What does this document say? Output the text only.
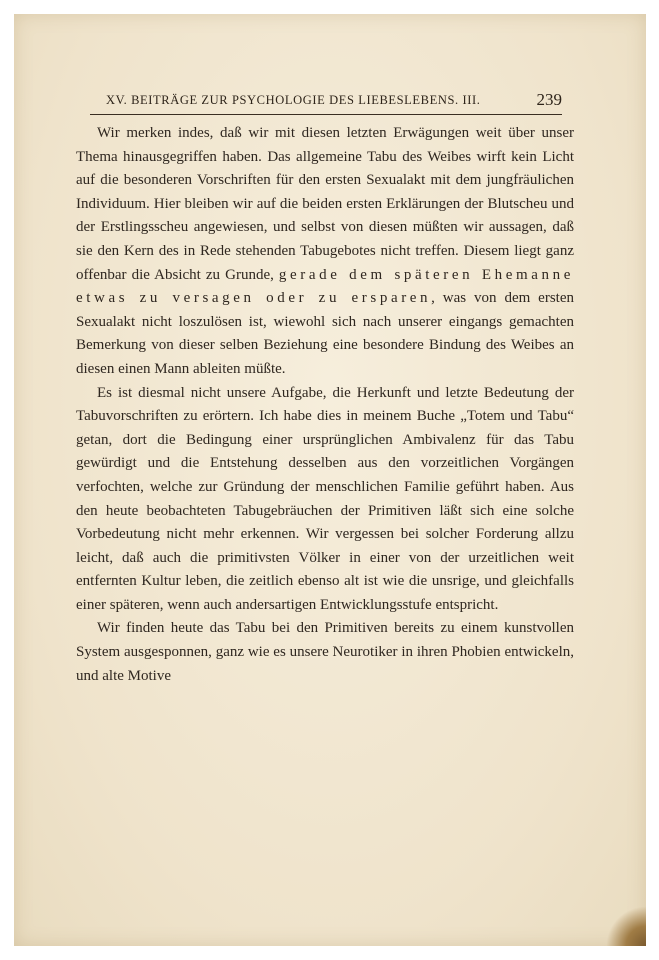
XV. BEITRÄGE ZUR PSYCHOLOGIE DES LIEBESLEBENS. III.	239

Wir merken indes, daß wir mit diesen letzten Erwägungen weit über unser Thema hinausgegriffen haben. Das allgemeine Tabu des Weibes wirft kein Licht auf die besonderen Vorschriften für den ersten Sexualakt mit dem jungfräulichen Individuum. Hier bleiben wir auf die beiden ersten Erklärungen der Blutscheu und der Erstlingsscheu angewiesen, und selbst von diesen müßten wir aussagen, daß sie den Kern des in Rede stehenden Tabugebotes nicht treffen. Diesem liegt ganz offenbar die Absicht zu Grunde, gerade dem späteren Ehemanne etwas zu versagen oder zu ersparen, was von dem ersten Sexualakt nicht loszulösen ist, wiewohl sich nach unserer eingangs gemachten Bemerkung von dieser selben Beziehung eine besondere Bindung des Weibes an diesen einen Mann ableiten müßte.

Es ist diesmal nicht unsere Aufgabe, die Herkunft und letzte Bedeutung der Tabuvorschriften zu erörtern. Ich habe dies in meinem Buche „Totem und Tabu“ getan, dort die Bedingung einer ursprünglichen Ambivalenz für das Tabu gewürdigt und die Entstehung desselben aus den vorzeitlichen Vorgängen verfochten, welche zur Gründung der menschlichen Familie geführt haben. Aus den heute beobachteten Tabugebräuchen der Primitiven läßt sich eine solche Vorbedeutung nicht mehr erkennen. Wir vergessen bei solcher Forderung allzu leicht, daß auch die primitivsten Völker in einer von der urzeitlichen weit entfernten Kultur leben, die zeitlich ebenso alt ist wie die unsrige, und gleichfalls einer späteren, wenn auch andersartigen Entwicklungsstufe entspricht.

Wir finden heute das Tabu bei den Primitiven bereits zu einem kunstvollen System ausgesponnen, ganz wie es unsere Neurotiker in ihren Phobien entwickeln, und alte Motive
